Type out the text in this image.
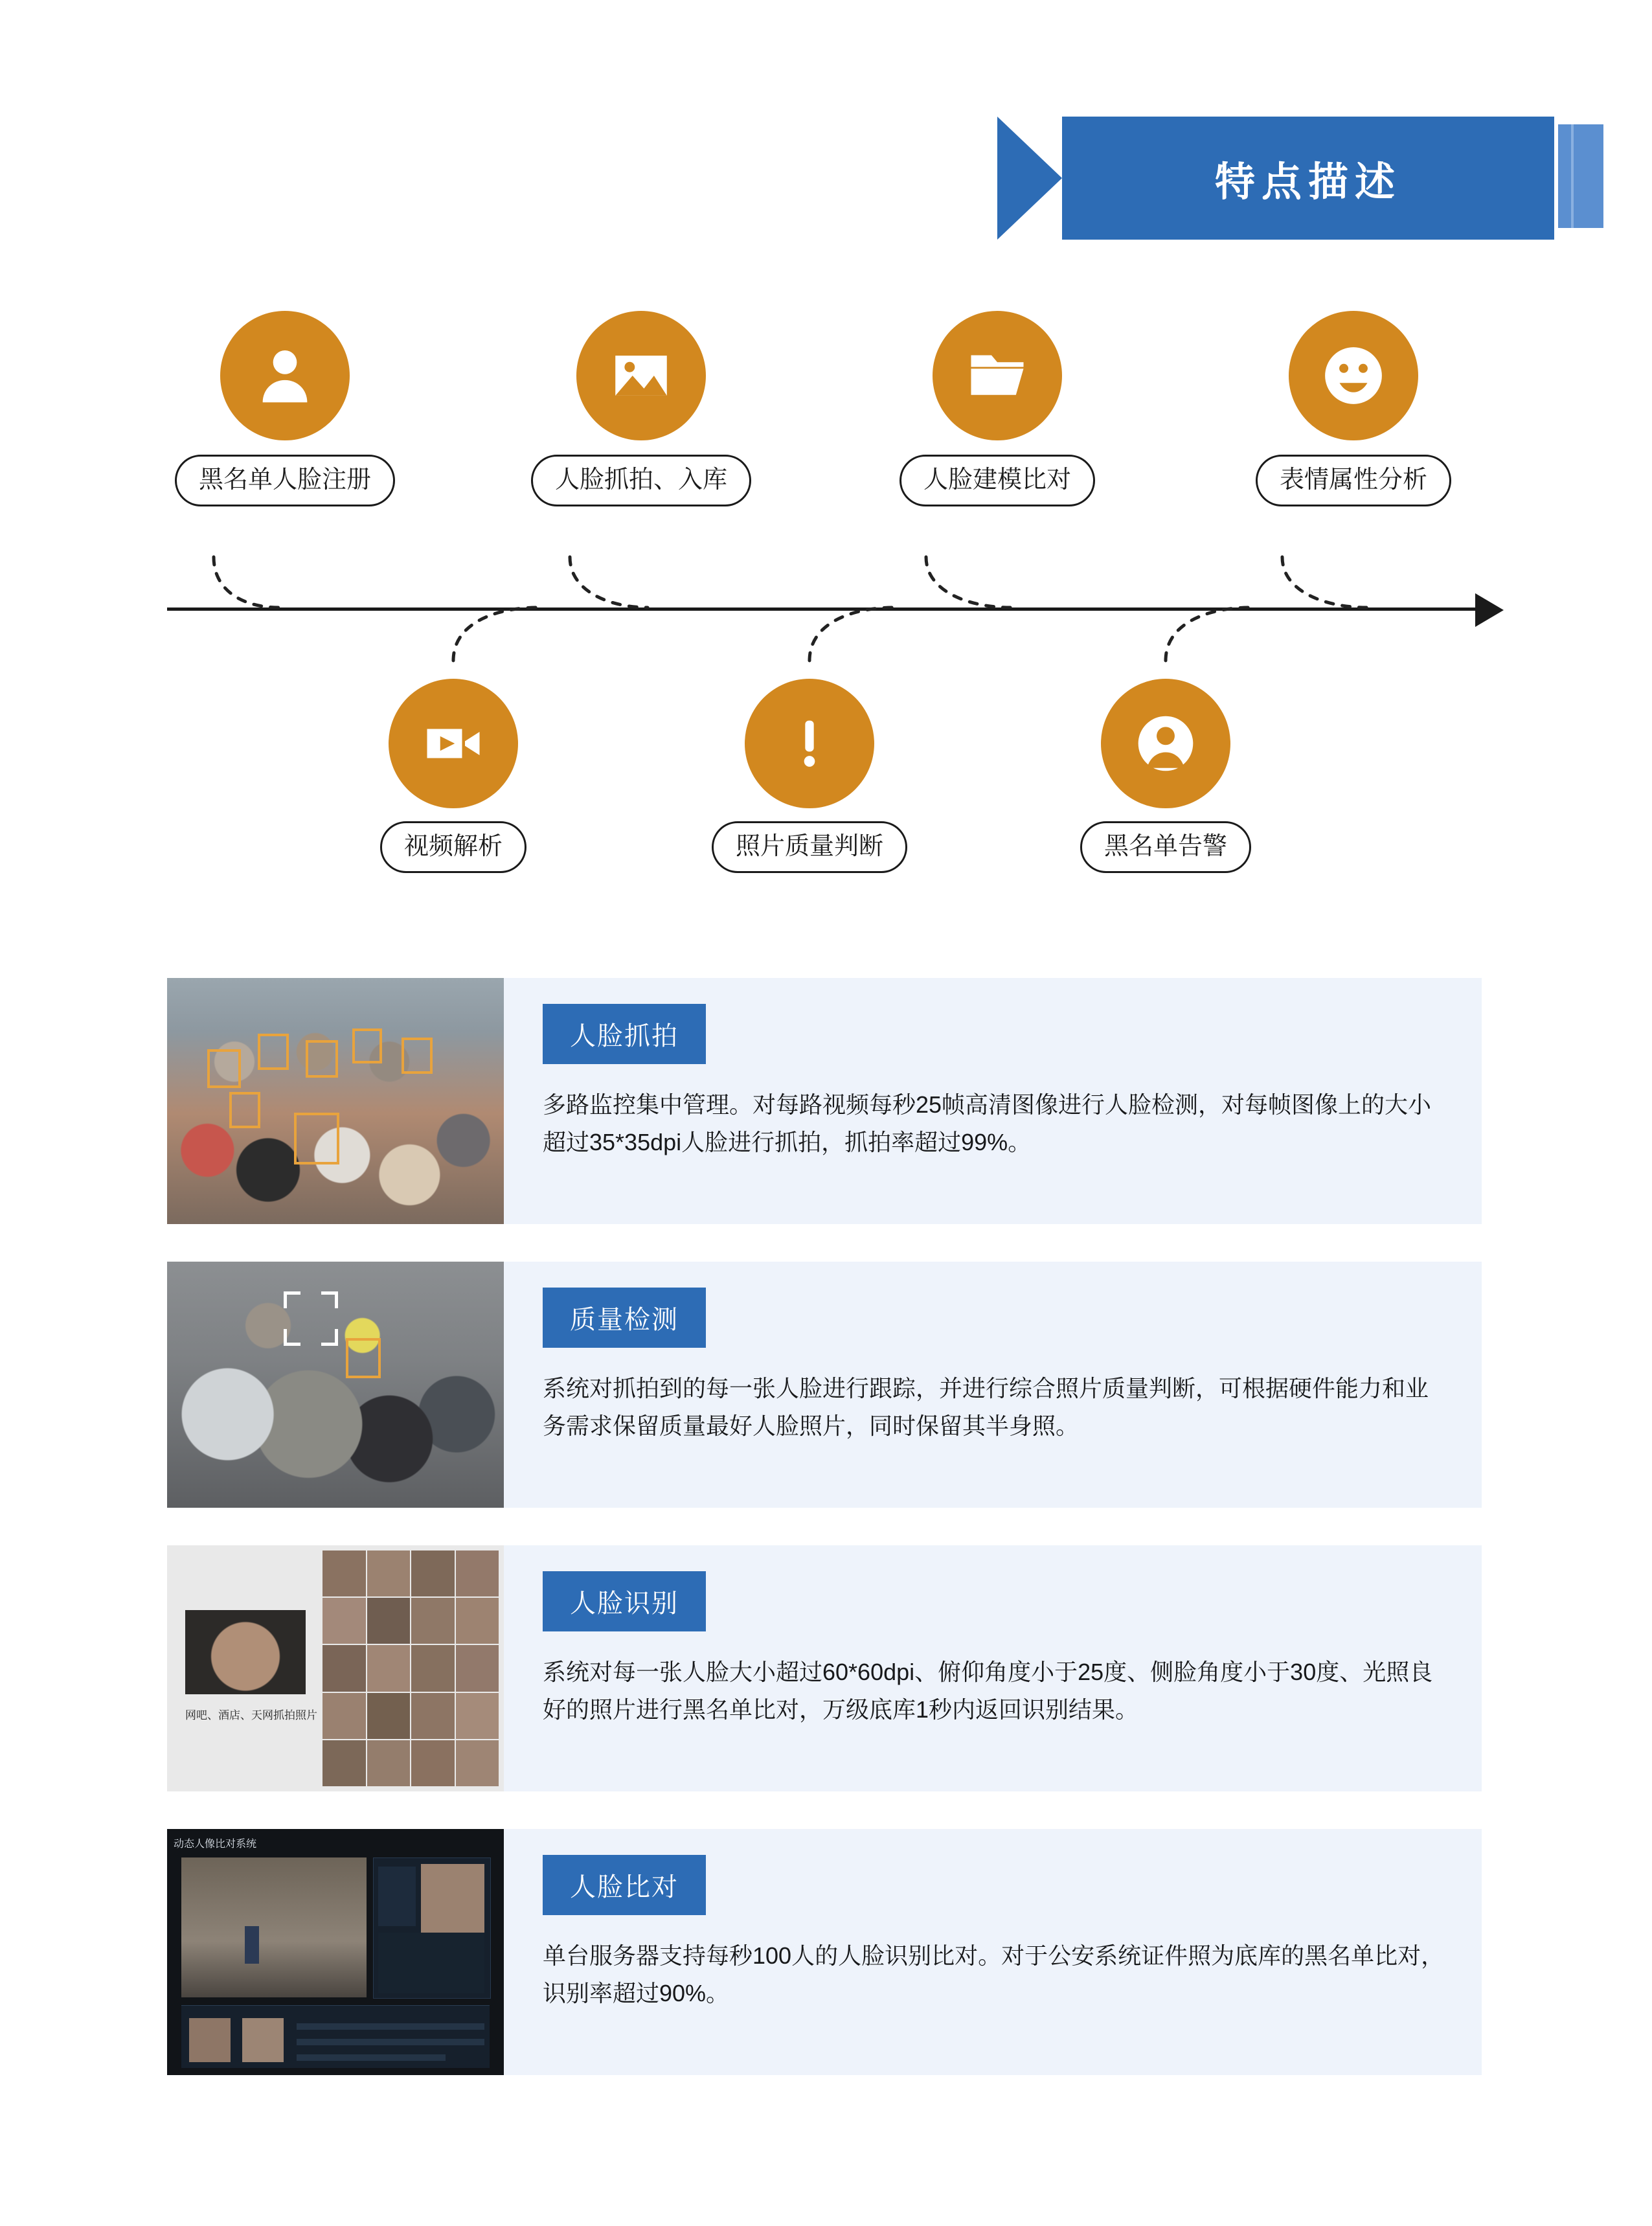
特点描述
黑名单人脸注册	人脸抓拍、入库	人脸建模比对	表情属性分析
视频解析	照片质量判断	黑名单告警
人脸抓拍
多路监控集中管理。对每路视频每秒25帧高清图像进行人脸检测，对每帧图像上的大小超过35*35dpi人脸进行抓拍，抓拍率超过99%。
质量检测
系统对抓拍到的每一张人脸进行跟踪，并进行综合照片质量判断，可根据硬件能力和业务需求保留质量最好人脸照片，同时保留其半身照。
网吧、酒店、天网抓拍照片
人脸识别
系统对每一张人脸大小超过60*60dpi、俯仰角度小于25度、侧脸角度小于30度、光照良好的照片进行黑名单比对，万级底库1秒内返回识别结果。
动态人像比对系统
人脸比对
单台服务器支持每秒100人的人脸识别比对。对于公安系统证件照为底库的黑名单比对，识别率超过90%。
